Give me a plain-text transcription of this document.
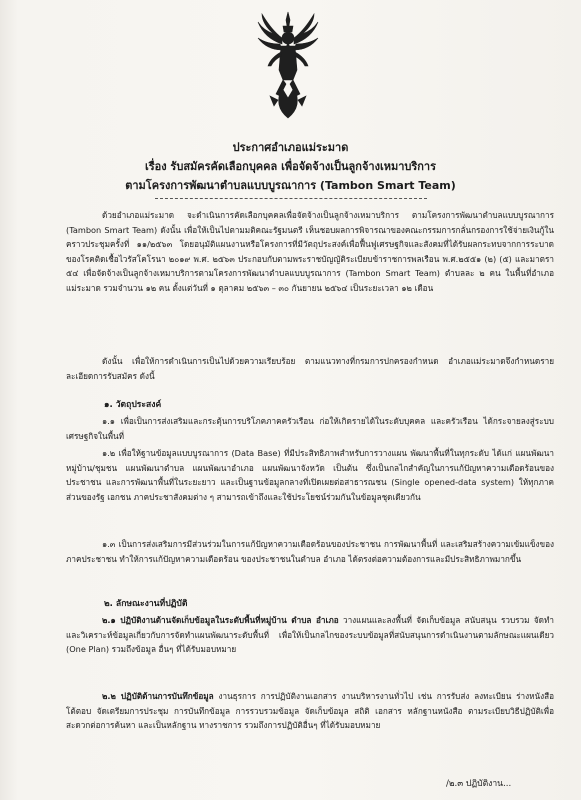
ประกาศอำเภอแม่ระมาด
เรื่อง รับสมัครคัดเลือกบุคคล เพื่อจัดจ้างเป็นลูกจ้างเหมาบริการ
ตามโครงการพัฒนาตำบลแบบบูรณาการ (Tambon Smart Team)
ด้วยอำเภอแม่ระมาด จะดำเนินการคัดเลือกบุคคลเพื่อจัดจ้างเป็นลูกจ้างเหมาบริการ ตามโครงการพัฒนาตำบลแบบบูรณาการ (Tambon Smart Team) ดังนั้น เพื่อให้เป็นไปตามมติคณะรัฐมนตรี เห็นชอบผลการพิจารณาของคณะกรรมการกลั่นกรองการใช้จ่ายเงินกู้ในคราวประชุมครั้งที่ ๑๑/๒๕๖๓ โดยอนุมัติแผนงานหรือโครงการที่มีวัตถุประสงค์เพื่อฟื้นฟูเศรษฐกิจและสังคมที่ได้รับผลกระทบจากการระบาด ของโรคติดเชื้อไวรัสโคโรนา ๒๐๑๙ พ.ศ. ๒๕๖๓ ประกอบกับตามพระราชบัญญัติระเบียบข้าราชการพลเรือน พ.ศ.๒๕๕๑ (๒) (๕) และมาตรา ๕๔ เพื่อจัดจ้างเป็นลูกจ้างเหมาบริการตามโครงการพัฒนาตำบลแบบบูรณาการ (Tambon Smart Team) ตำบลละ ๒ คน ในพื้นที่อำเภอแม่ระมาด รวมจำนวน ๑๒ คน ตั้งแต่วันที่ ๑ ตุลาคม ๒๕๖๓ – ๓๐ กันยายน ๒๕๖๔ เป็นระยะเวลา ๑๒ เดือน
ดังนั้น เพื่อให้การดำเนินการเป็นไปด้วยความเรียบร้อย ตามแนวทางที่กรมการปกครองกำหนด อำเภอแม่ระมาดจึงกำหนดรายละเอียดการรับสมัคร ดังนี้
๑. วัตถุประสงค์
๑.๑ เพื่อเป็นการส่งเสริมและกระตุ้นการบริโภคภาคครัวเรือน ก่อให้เกิดรายได้ในระดับบุคคล และครัวเรือน ได้กระจายลงสู่ระบบเศรษฐกิจในพื้นที่
๑.๒ เพื่อให้ฐานข้อมูลแบบบูรณาการ (Data Base) ที่มีประสิทธิภาพสำหรับการวางแผน พัฒนาพื้นที่ในทุกระดับ ได้แก่ แผนพัฒนาหมู่บ้าน/ชุมชน แผนพัฒนาตำบล แผนพัฒนาอำเภอ แผนพัฒนาจังหวัด เป็นต้น ซึ่งเป็นกลไกสำคัญในการแก้ปัญหาความเดือดร้อนของประชาชน และการพัฒนาพื้นที่ในระยะยาว และเป็นฐานข้อมูลกลางที่เปิดเผยต่อสาธารณชน (Single opened-data system) ให้ทุกภาคส่วนของรัฐ เอกชน ภาคประชาสังคมต่าง ๆ สามารถเข้าถึงและใช้ประโยชน์ร่วมกันในข้อมูลชุดเดียวกัน
๑.๓ เป็นการส่งเสริมการมีส่วนร่วมในการแก้ปัญหาความเดือดร้อนของประชาชน การพัฒนาพื้นที่ และเสริมสร้างความเข้มแข็งของภาคประชาชน ทำให้การแก้ปัญหาความเดือดร้อน ของประชาชนในตำบล อำเภอ ได้ตรงต่อความต้องการและมีประสิทธิภาพมากขึ้น
๒. ลักษณะงานที่ปฏิบัติ
๒.๑ ปฏิบัติงานด้านจัดเก็บข้อมูลในระดับพื้นที่หมู่บ้าน ตำบล อำเภอ วางแผนและลงพื้นที่ จัดเก็บข้อมูล สนับสนุน รวบรวม จัดทำ และวิเคราะห์ข้อมูลเกี่ยวกับการจัดทำแผนพัฒนาระดับพื้นที่ เพื่อให้เป็นกลไกของระบบข้อมูลที่สนับสนุนการดำเนินงานตามลักษณะแผนเดียว (One Plan) รวมถึงข้อมูล อื่นๆ ที่ได้รับมอบหมาย
๒.๒ ปฏิบัติด้านการบันทึกข้อมูล งานธุรการ การปฏิบัติงานเอกสาร งานบริหารงานทั่วไป เช่น การรับส่ง ลงทะเบียน ร่างหนังสือโต้ตอบ จัดเตรียมการประชุม การบันทึกข้อมูล การรวบรวมข้อมูล จัดเก็บข้อมูล สถิติ เอกสาร หลักฐานหนังสือ ตามระเบียบวิธีปฏิบัติเพื่อสะดวกต่อการค้นหา และเป็นหลักฐาน ทางราชการ รวมถึงการปฏิบัติอื่นๆ ที่ได้รับมอบหมาย
/๒.๓ ปฏิบัติงาน...
